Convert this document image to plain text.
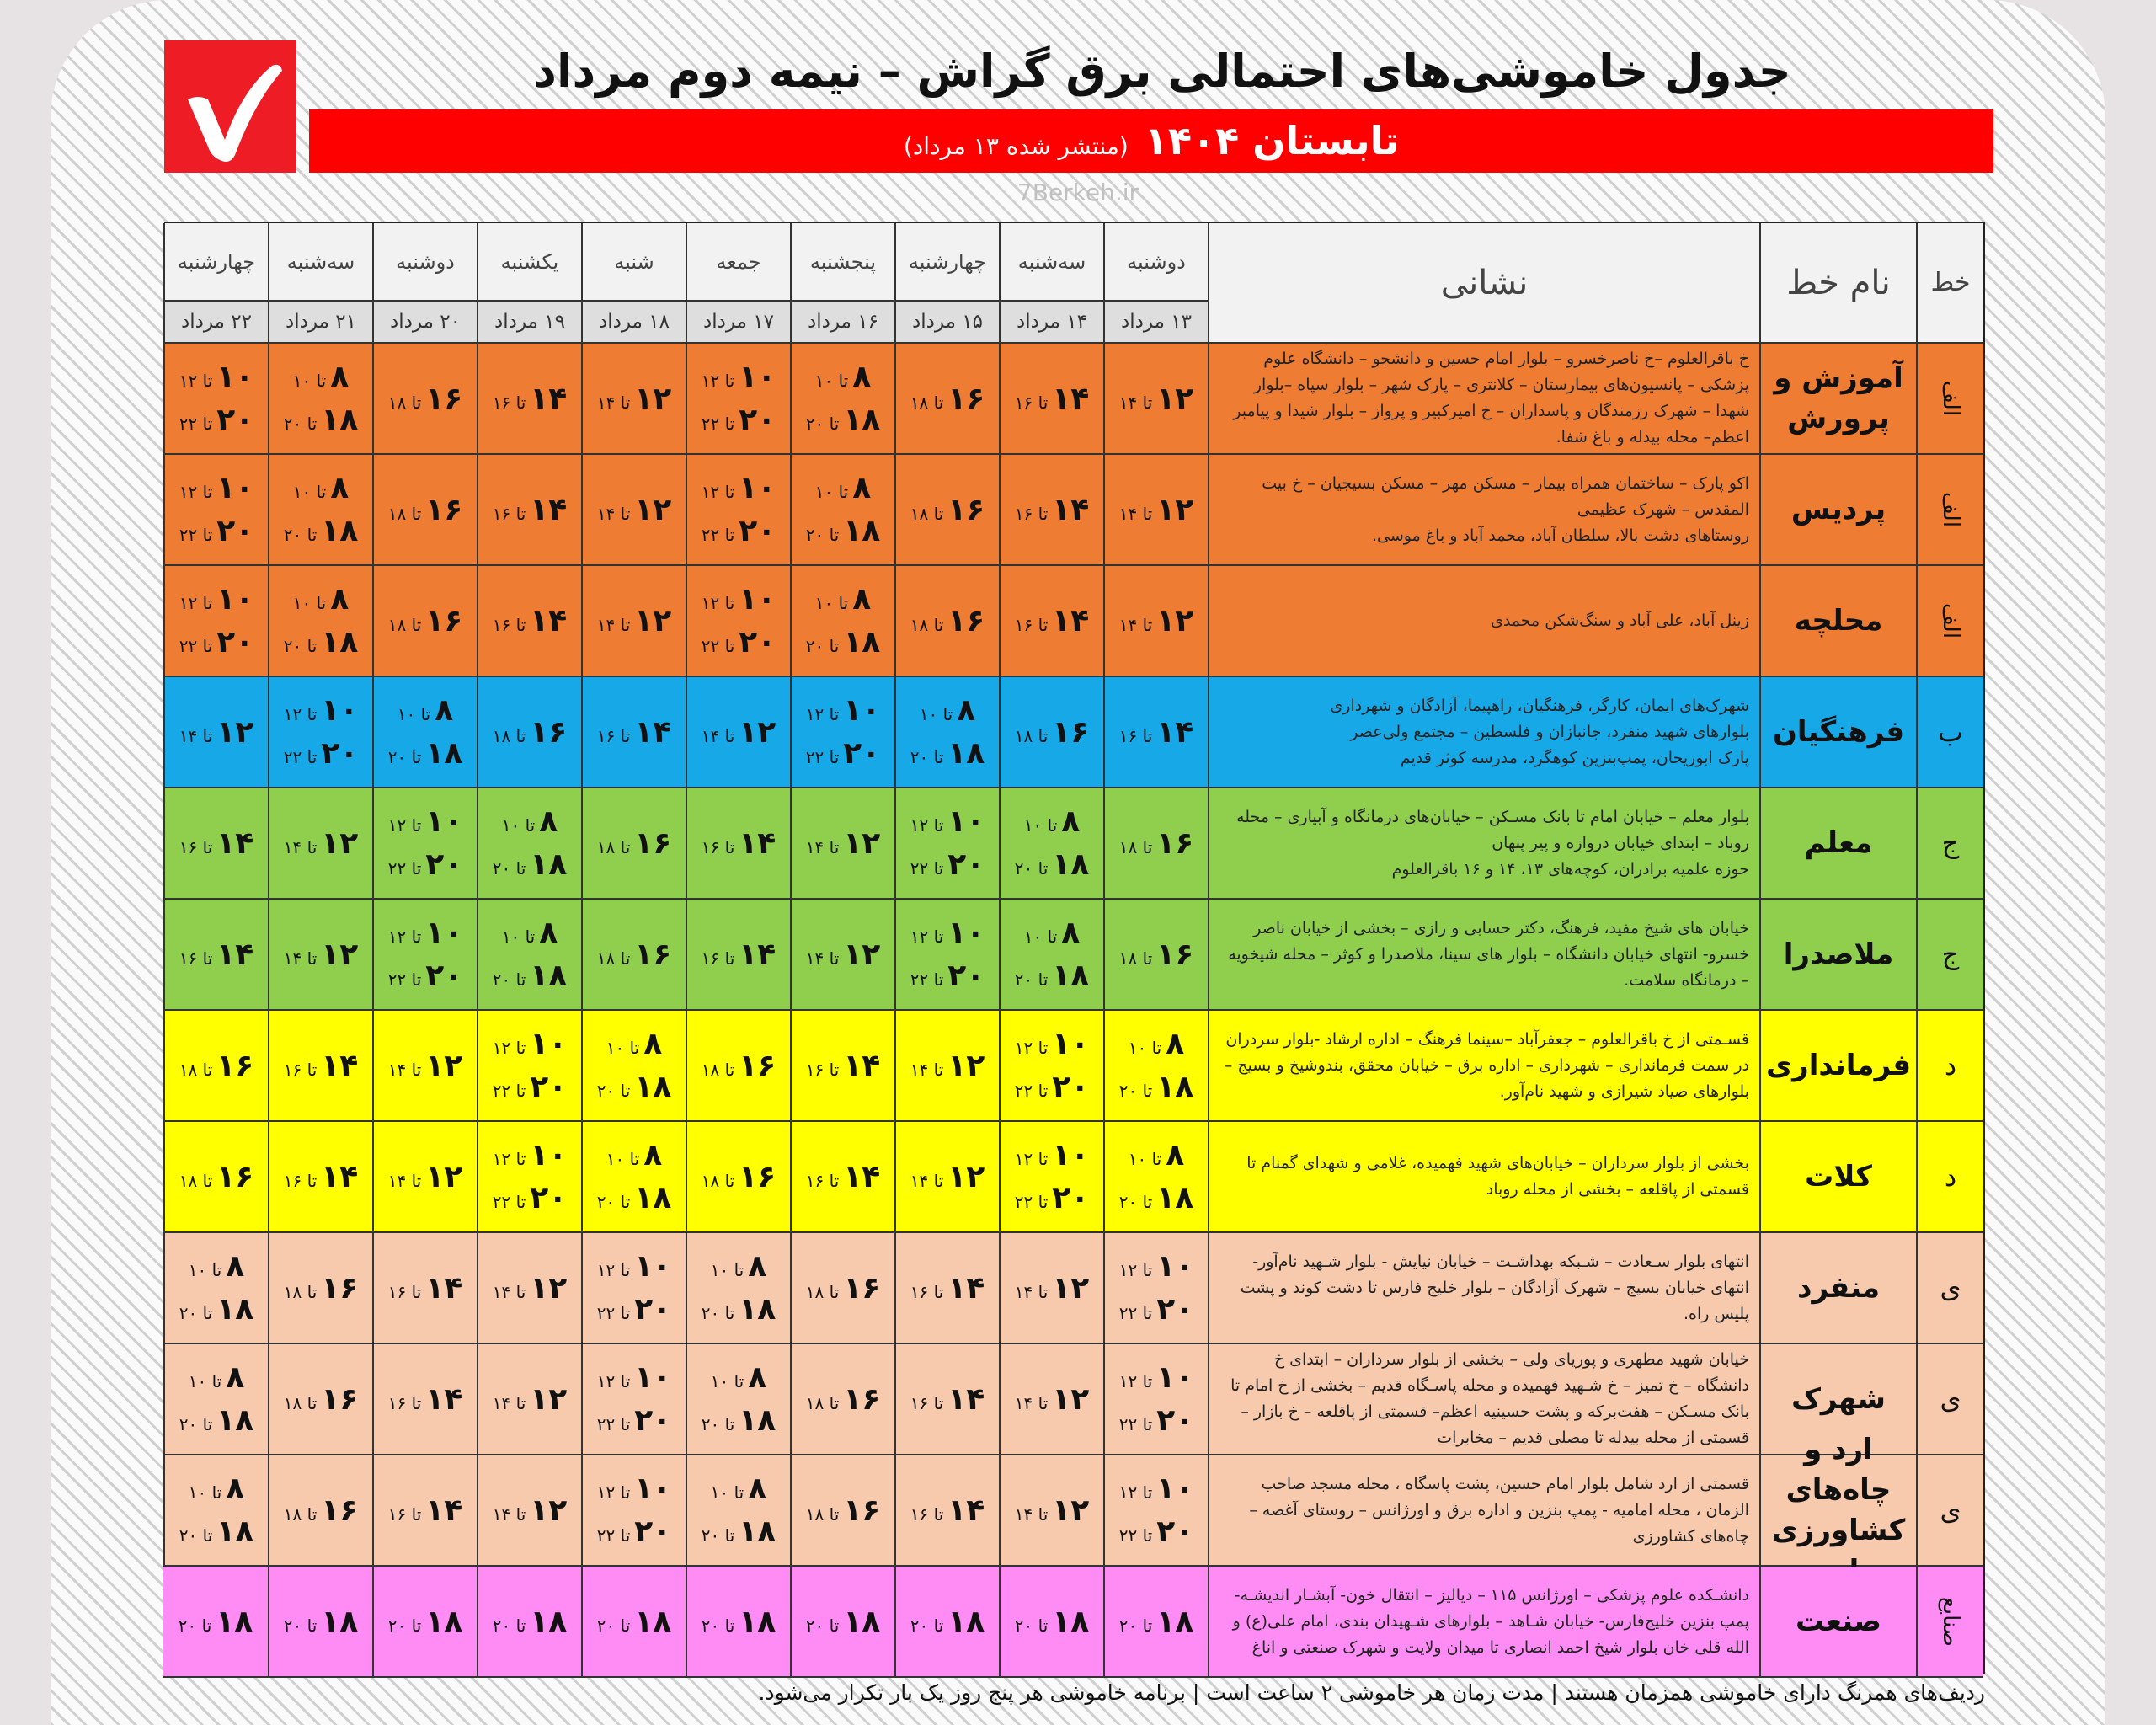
جدول خاموشی‌های احتمالی برق گراش – نیمه دوم مرداد
تابستان ۱۴۰۴ (منتشر شده ۱۳ مرداد)
7Berkeh.ir
خط
نام خط
نشانی
دوشنبه
سه‌شنبه
چهارشنبه
پنجشنبه
جمعه
شنبه
یکشنبه
دوشنبه
سه‌شنبه
چهارشنبه
۱۳ مرداد
۱۴ مرداد
۱۵ مرداد
۱۶ مرداد
۱۷ مرداد
۱۸ مرداد
۱۹ مرداد
۲۰ مرداد
۲۱ مرداد
۲۲ مرداد
الف
آموزش و پرورش
خ باقرالعلوم –خ ناصرخسرو – بلوار امام حسین و دانشجو – دانشگاه علوم پزشکی – پانسیون‌های بیمارستان – کلانتری – پارک شهر – بلوار سپاه –بلوار شهدا – شهرک رزمندگان و پاسداران – خ امیرکبیر و پرواز – بلوار شیدا و پیامبر اعظم– محله بیدله و باغ شفا.
۱۲تا ۱۴
۱۴تا ۱۶
۱۶تا ۱۸
۸تا ۱۰
۱۸تا ۲۰
۱۰تا ۱۲
۲۰تا ۲۲
۱۲تا ۱۴
۱۴تا ۱۶
۱۶تا ۱۸
۸تا ۱۰
۱۸تا ۲۰
۱۰تا ۱۲
۲۰تا ۲۲
الف
پردیس
اکو پارک – ساختمان همراه بیمار – مسکن مهر – مسکن بسیجیان – خ بیت المقدس – شهرک عظیمی
روستاهای دشت بالا، سلطان آباد، محمد آباد و باغ موسی.
۱۲تا ۱۴
۱۴تا ۱۶
۱۶تا ۱۸
۸تا ۱۰
۱۸تا ۲۰
۱۰تا ۱۲
۲۰تا ۲۲
۱۲تا ۱۴
۱۴تا ۱۶
۱۶تا ۱۸
۸تا ۱۰
۱۸تا ۲۰
۱۰تا ۱۲
۲۰تا ۲۲
الف
محلچه
زینل آباد، علی آباد و سنگ‌شکن محمدی
۱۲تا ۱۴
۱۴تا ۱۶
۱۶تا ۱۸
۸تا ۱۰
۱۸تا ۲۰
۱۰تا ۱۲
۲۰تا ۲۲
۱۲تا ۱۴
۱۴تا ۱۶
۱۶تا ۱۸
۸تا ۱۰
۱۸تا ۲۰
۱۰تا ۱۲
۲۰تا ۲۲
ب
فرهنگیان
شهرک‌های ایمان، کارگر، فرهنگیان، راهپیما، آزادگان و شهرداری
بلوارهای شهید منفرد، جانبازان و فلسطین – مجتمع ولی‌عصر
پارک ابوریحان، پمپ‌بنزین کوهگرد، مدرسه کوثر قدیم
۱۴تا ۱۶
۱۶تا ۱۸
۸تا ۱۰
۱۸تا ۲۰
۱۰تا ۱۲
۲۰تا ۲۲
۱۲تا ۱۴
۱۴تا ۱۶
۱۶تا ۱۸
۸تا ۱۰
۱۸تا ۲۰
۱۰تا ۱۲
۲۰تا ۲۲
۱۲تا ۱۴
ج
معلم
بلوار معلم – خیابان امام تا بانک مسـکن – خیابان‌های درمانگاه و آبیاری – محله روباد – ابتدای خیابان دروازه و پیر پنهان
حوزه علمیه برادران، کوچه‌های ۱۳، ۱۴ و ۱۶ باقرالعلوم
۱۶تا ۱۸
۸تا ۱۰
۱۸تا ۲۰
۱۰تا ۱۲
۲۰تا ۲۲
۱۲تا ۱۴
۱۴تا ۱۶
۱۶تا ۱۸
۸تا ۱۰
۱۸تا ۲۰
۱۰تا ۱۲
۲۰تا ۲۲
۱۲تا ۱۴
۱۴تا ۱۶
ج
ملاصدرا
خیابان های شیخ مفید، فرهنگ، دکتر حسابی و رازی – بخشی از خیابان ناصر خسرو- انتهای خیابان دانشگاه – بلوار های سینا، ملاصدرا و کوثر – محله شیخویه – درمانگاه سلامت.
۱۶تا ۱۸
۸تا ۱۰
۱۸تا ۲۰
۱۰تا ۱۲
۲۰تا ۲۲
۱۲تا ۱۴
۱۴تا ۱۶
۱۶تا ۱۸
۸تا ۱۰
۱۸تا ۲۰
۱۰تا ۱۲
۲۰تا ۲۲
۱۲تا ۱۴
۱۴تا ۱۶
د
فرمانداری
قسـمتی از خ باقرالعلوم – جعفرآباد –سینما فرهنگ – اداره ارشاد -بلوار سردران در سمت فرمانداری – شهرداری – اداره برق – خیابان محقق، بندوشیخ و بسیج – بلوارهای صیاد شیرازی و شهید نام‌آور.
۸تا ۱۰
۱۸تا ۲۰
۱۰تا ۱۲
۲۰تا ۲۲
۱۲تا ۱۴
۱۴تا ۱۶
۱۶تا ۱۸
۸تا ۱۰
۱۸تا ۲۰
۱۰تا ۱۲
۲۰تا ۲۲
۱۲تا ۱۴
۱۴تا ۱۶
۱۶تا ۱۸
د
کلات
بخشی از بلوار سرداران – خیابان‌های شهید فهمیده، غلامی و شهدای گمنام تا قسمتی از پاقلعه – بخشی از محله روباد
۸تا ۱۰
۱۸تا ۲۰
۱۰تا ۱۲
۲۰تا ۲۲
۱۲تا ۱۴
۱۴تا ۱۶
۱۶تا ۱۸
۸تا ۱۰
۱۸تا ۲۰
۱۰تا ۱۲
۲۰تا ۲۲
۱۲تا ۱۴
۱۴تا ۱۶
۱۶تا ۱۸
ی
منفرد
انتهای بلوار سـعادت – شـبکه بهداشـت – خیابان نیایش - بلوار شـهید نام‌آور- انتهای خیابان بسیج – شهرک آزادگان – بلوار خلیج فارس تا دشت کوند و پشت پلیس راه.
۱۰تا ۱۲
۲۰تا ۲۲
۱۲تا ۱۴
۱۴تا ۱۶
۱۶تا ۱۸
۸تا ۱۰
۱۸تا ۲۰
۱۰تا ۱۲
۲۰تا ۲۲
۱۲تا ۱۴
۱۴تا ۱۶
۱۶تا ۱۸
۸تا ۱۰
۱۸تا ۲۰
ی
شهرک
خیابان شهید مطهری و پوریای ولی – بخشی از بلوار سرداران – ابتدای خ دانشگاه – خ تمیز – خ شـهید فهمیده و محله پاسـگاه قدیم – بخشی از خ امام تا بانک مسـکن – هفت‌برکه و پشت حسینیه اعظم– قسمتی از پاقلعه – خ بازار – قسمتی از محله بیدله تا مصلی قدیم – مخابرات
۱۰تا ۱۲
۲۰تا ۲۲
۱۲تا ۱۴
۱۴تا ۱۶
۱۶تا ۱۸
۸تا ۱۰
۱۸تا ۲۰
۱۰تا ۱۲
۲۰تا ۲۲
۱۲تا ۱۴
۱۴تا ۱۶
۱۶تا ۱۸
۸تا ۱۰
۱۸تا ۲۰
ی
چاه‌های کشاورزی
قسمتی از ارد شامل بلوار امام حسین، پشت پاسگاه ، محله مسجد صاحب الزمان ، محله امامیه - پمپ بنزین و اداره برق و اورژانس – روستای آغصه – چاه‌های کشاورزی
۱۰تا ۱۲
۲۰تا ۲۲
۱۲تا ۱۴
۱۴تا ۱۶
۱۶تا ۱۸
۸تا ۱۰
۱۸تا ۲۰
۱۰تا ۱۲
۲۰تا ۲۲
۱۲تا ۱۴
۱۴تا ۱۶
۱۶تا ۱۸
۸تا ۱۰
۱۸تا ۲۰
صنایع
صنعت
دانشـکده علوم پزشکی – اورژانس ۱۱۵ – دیالیز – انتقال خون- آبشـار اندیشـه- پمپ بنزین خلیج‌فارس- خیابان شـاهد – بلوارهای شـهیدان بندی، امام علی(ع) و الله قلی خان بلوار شیخ احمد انصاری تا میدان ولایت و شهرک صنعتی و اناغ
۱۸تا ۲۰
۱۸تا ۲۰
۱۸تا ۲۰
۱۸تا ۲۰
۱۸تا ۲۰
۱۸تا ۲۰
۱۸تا ۲۰
۱۸تا ۲۰
۱۸تا ۲۰
۱۸تا ۲۰
ردیف‌های همرنگ دارای خاموشی همزمان هستند | مدت زمان هر خاموشی ۲ ساعت است | برنامه خاموشی هر پنج روز یک بار تکرار می‌شود.
